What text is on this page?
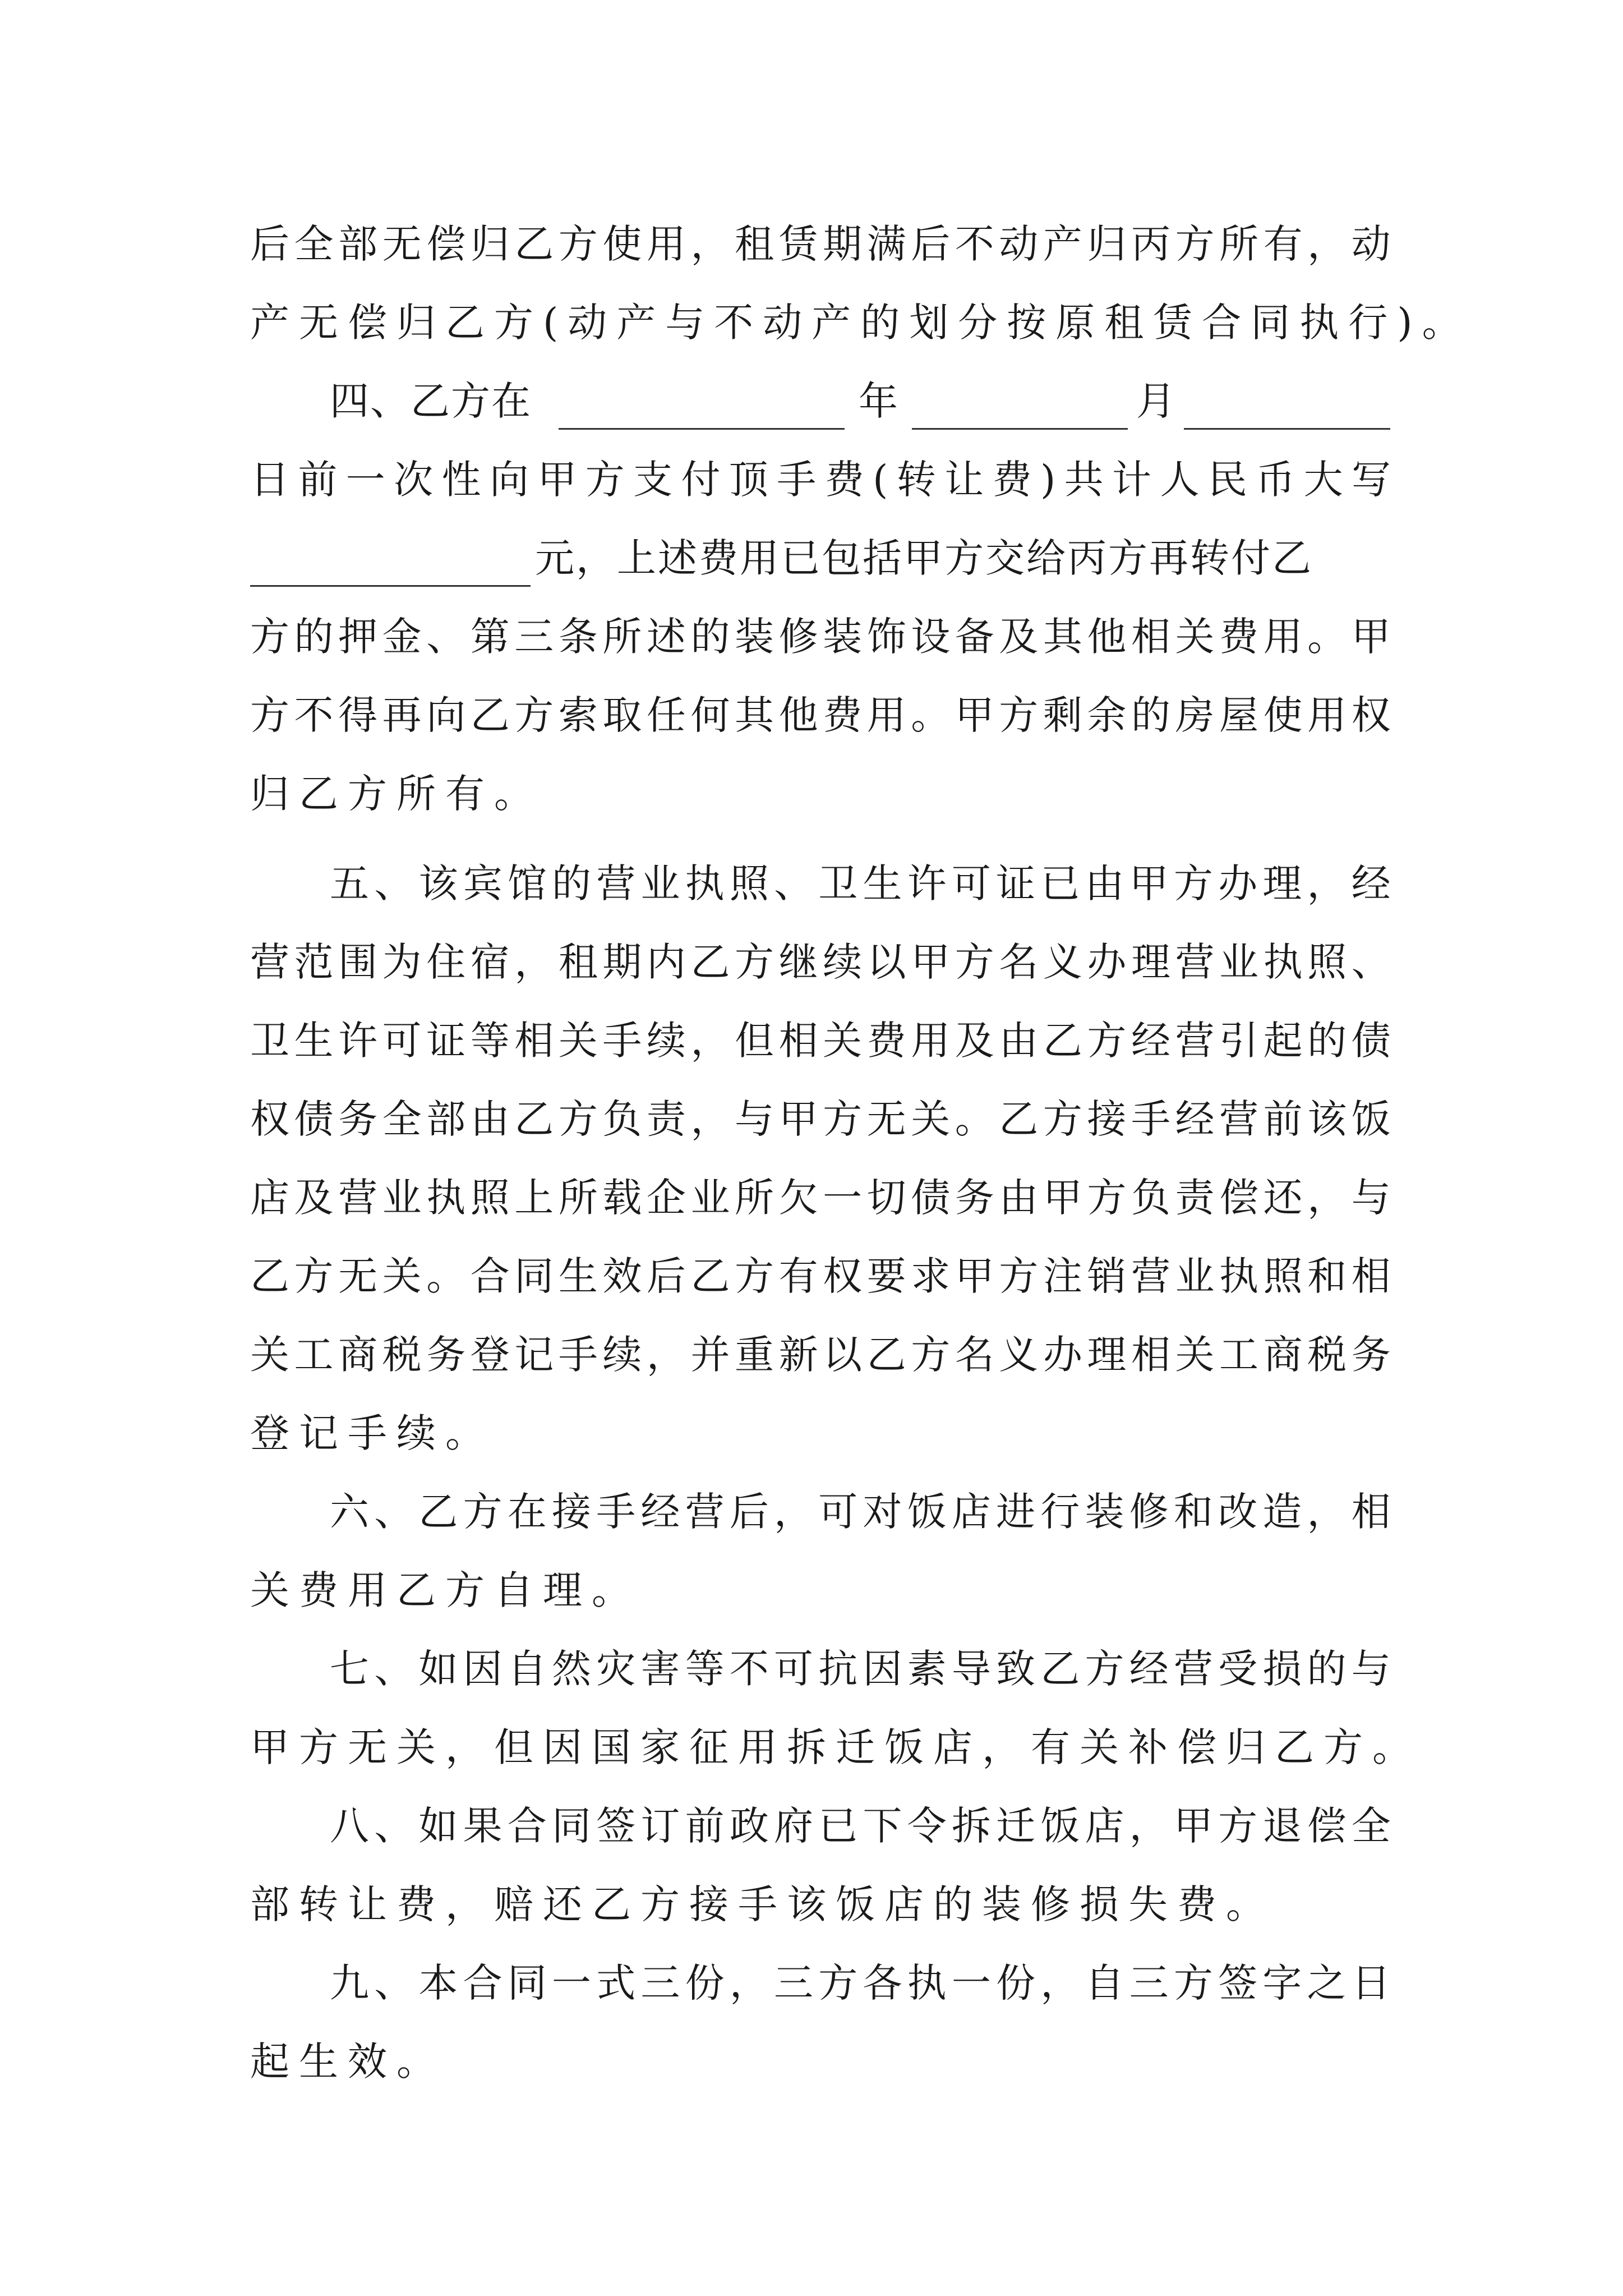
后 全 部 无 偿 归 乙 方 使 用 ， 租 赁 期 满 后 不 动 产 归 丙 方 所 有 ， 动
产无偿归乙方(动产与不动产的划分按原租赁合同执行)。
四、乙方在	年	月
日 前 一 次 性 向 甲 方 支 付 顶 手 费 ( 转 让 费 ) 共 计 人 民 币 大 写
元，上述费用已包括甲方交给丙方再转付乙
方 的 押 金 、 第 三 条 所 述 的 装 修 装 饰 设 备 及 其 他 相 关 费 用 。 甲
方 不 得 再 向 乙 方 索 取 任 何 其 他 费 用 。 甲 方 剩 余 的 房 屋 使 用 权
归乙方所有。
五 、 该 宾 馆 的 营 业 执 照 、 卫 生 许 可 证 已 由 甲 方 办 理 ， 经
营 范 围 为 住 宿 ， 租 期 内 乙 方 继 续 以 甲 方 名 义 办 理 营 业 执 照 、
卫 生 许 可 证 等 相 关 手 续 ， 但 相 关 费 用 及 由 乙 方 经 营 引 起 的 债
权 债 务 全 部 由 乙 方 负 责 ， 与 甲 方 无 关 。 乙 方 接 手 经 营 前 该 饭
店 及 营 业 执 照 上 所 载 企 业 所 欠 一 切 债 务 由 甲 方 负 责 偿 还 ， 与
乙 方 无 关 。 合 同 生 效 后 乙 方 有 权 要 求 甲 方 注 销 营 业 执 照 和 相
关 工 商 税 务 登 记 手 续 ， 并 重 新 以 乙 方 名 义 办 理 相 关 工 商 税 务
登记手续。
六 、 乙 方 在 接 手 经 营 后 ， 可 对 饭 店 进 行 装 修 和 改 造 ， 相
关费用乙方自理。
七 、 如 因 自 然 灾 害 等 不 可 抗 因 素 导 致 乙 方 经 营 受 损 的 与
甲方无关，但因国家征用拆迁饭店，有关补偿归乙方。
八 、 如 果 合 同 签 订 前 政 府 已 下 令 拆 迁 饭 店 ， 甲 方 退 偿 全
部转让费，赔还乙方接手该饭店的装修损失费。
九 、 本 合 同 一 式 三 份 ， 三 方 各 执 一 份 ， 自 三 方 签 字 之 日
起生效。
